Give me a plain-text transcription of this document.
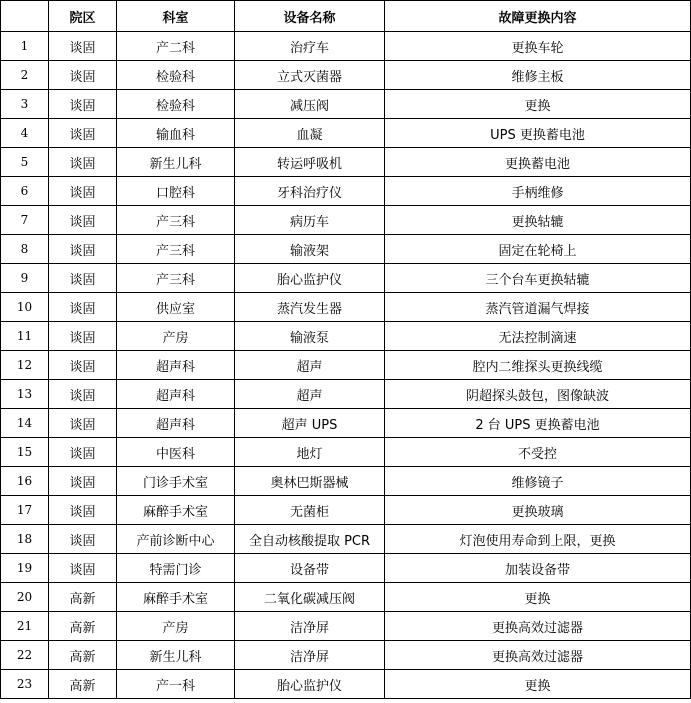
	院区	科室	设备名称	故障更换内容
1	谈固	产二科	治疗车	更换车轮
2	谈固	检验科	立式灭菌器	维修主板
3	谈固	检验科	减压阀	更换
4	谈固	输血科	血凝	UPS 更换蓄电池
5	谈固	新生儿科	转运呼吸机	更换蓄电池
6	谈固	口腔科	牙科治疗仪	手柄维修
7	谈固	产三科	病历车	更换轱辘
8	谈固	产三科	输液架	固定在轮椅上
9	谈固	产三科	胎心监护仪	三个台车更换轱辘
10	谈固	供应室	蒸汽发生器	蒸汽管道漏气焊接
11	谈固	产房	输液泵	无法控制滴速
12	谈固	超声科	超声	腔内二维探头更换线缆
13	谈固	超声科	超声	阴超探头鼓包，图像缺波
14	谈固	超声科	超声 UPS	2 台 UPS 更换蓄电池
15	谈固	中医科	地灯	不受控
16	谈固	门诊手术室	奥林巴斯器械	维修镜子
17	谈固	麻醉手术室	无菌柜	更换玻璃
18	谈固	产前诊断中心	全自动核酸提取 PCR	灯泡使用寿命到上限，更换
19	谈固	特需门诊	设备带	加装设备带
20	高新	麻醉手术室	二氧化碳减压阀	更换
21	高新	产房	洁净屏	更换高效过滤器
22	高新	新生儿科	洁净屏	更换高效过滤器
23	高新	产一科	胎心监护仪	更换
